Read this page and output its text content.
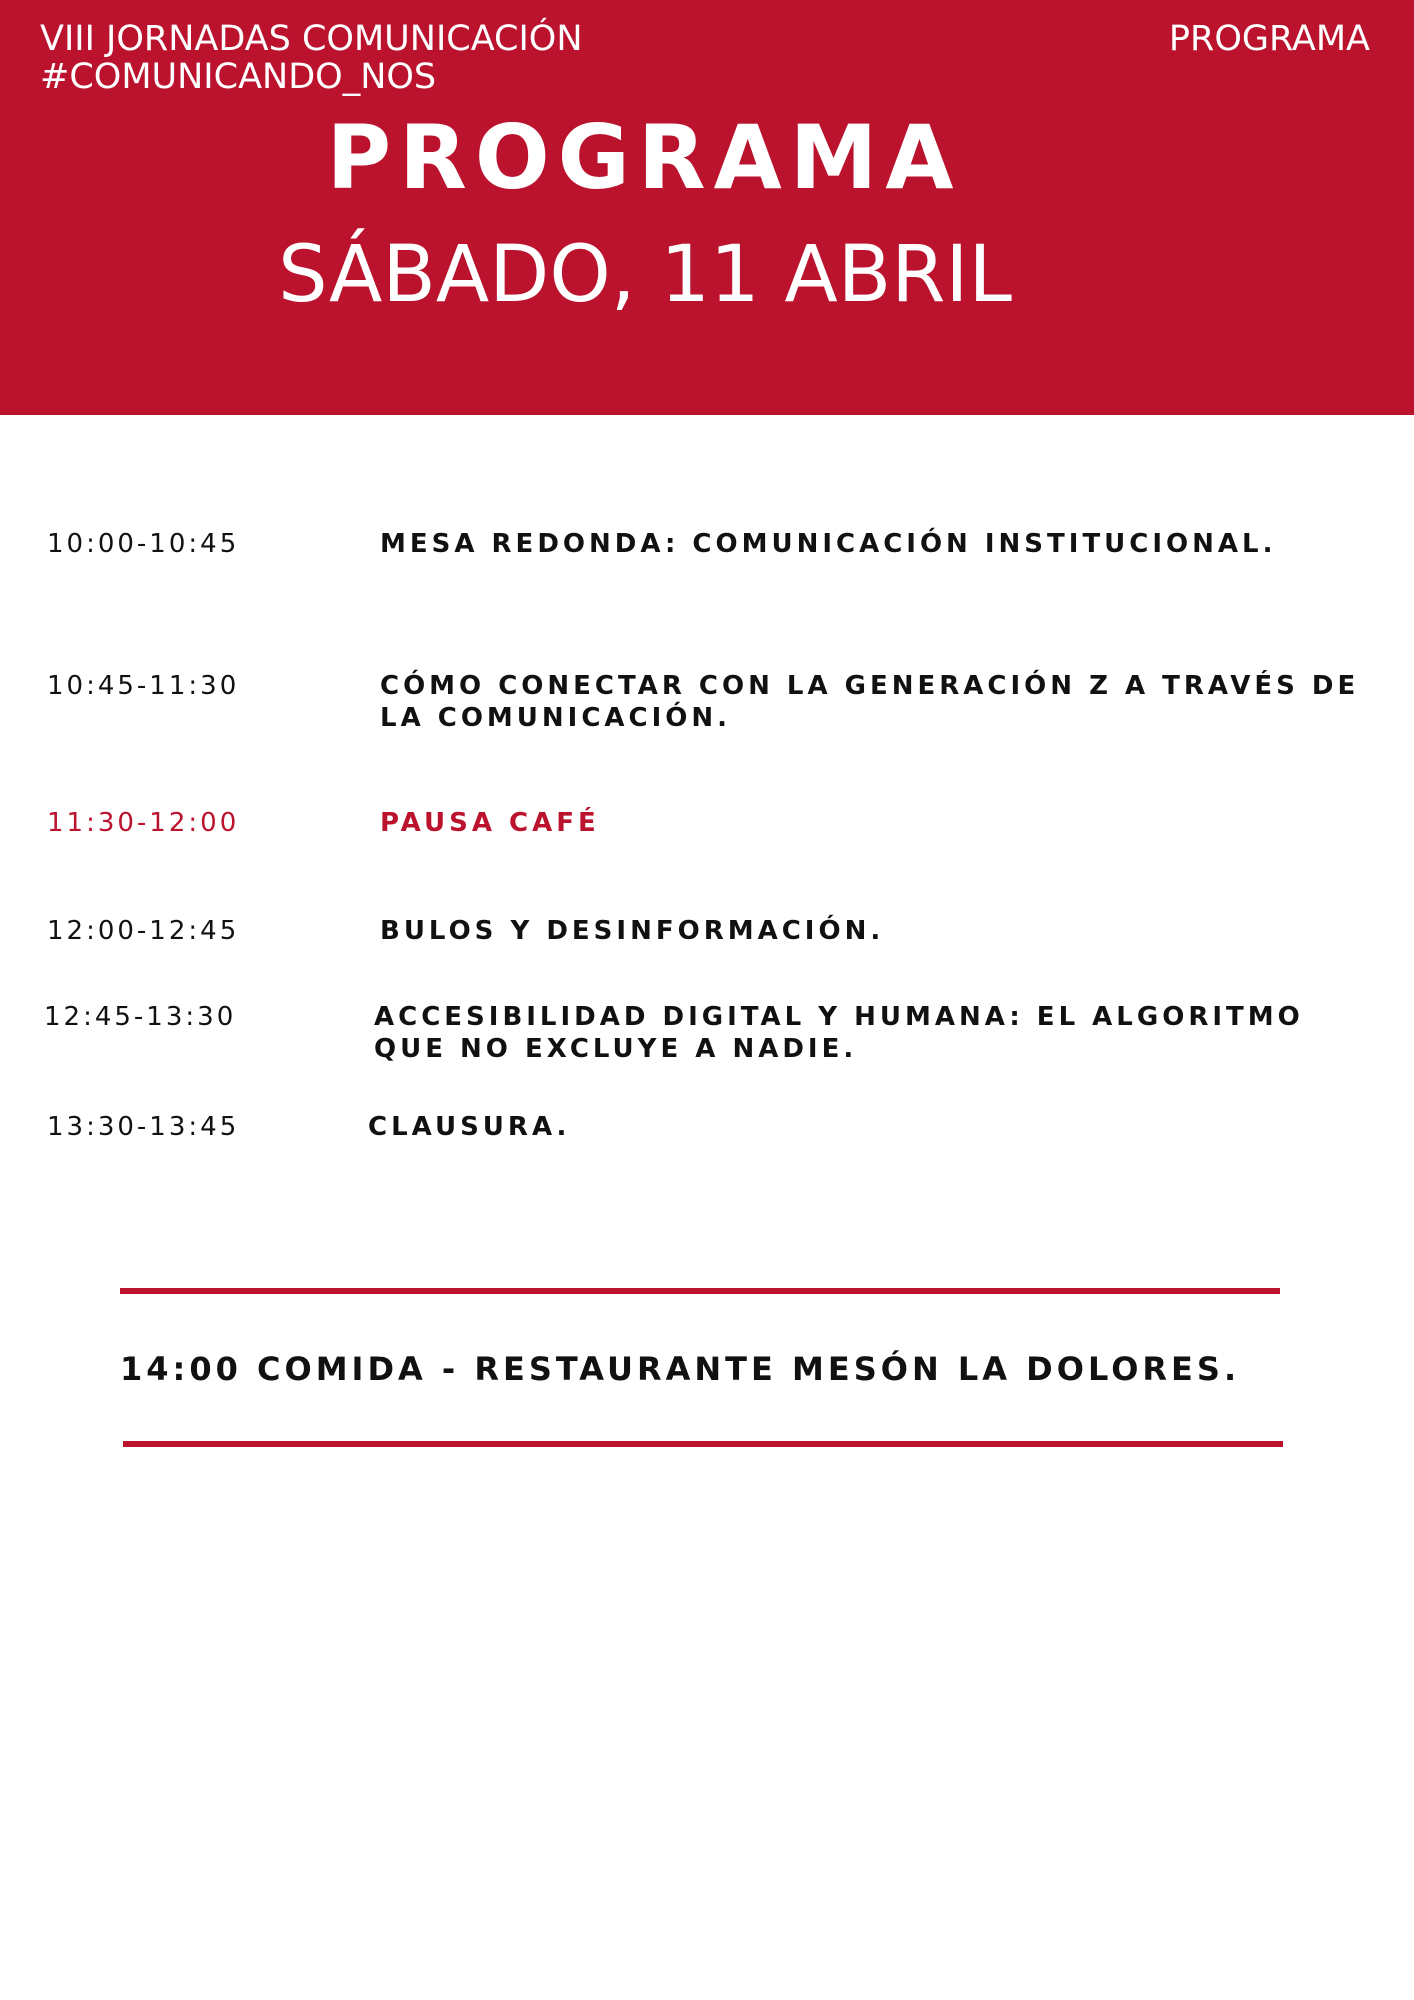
VIII JORNADAS COMUNICACIÓN
#COMUNICANDO_NOS
PROGRAMA
PROGRAMA
SÁBADO, 11 ABRIL
10:00-10:45	MESA REDONDA: COMUNICACIÓN INSTITUCIONAL.
10:45-11:30	CÓMO CONECTAR CON LA GENERACIÓN Z A TRAVÉS DE
LA COMUNICACIÓN.
11:30-12:00	PAUSA CAFÉ
12:00-12:45	BULOS Y DESINFORMACIÓN.
12:45-13:30	ACCESIBILIDAD DIGITAL Y HUMANA: EL ALGORITMO
QUE NO EXCLUYE A NADIE.
13:30-13:45	CLAUSURA.
14:00 COMIDA - RESTAURANTE MESÓN LA DOLORES.
